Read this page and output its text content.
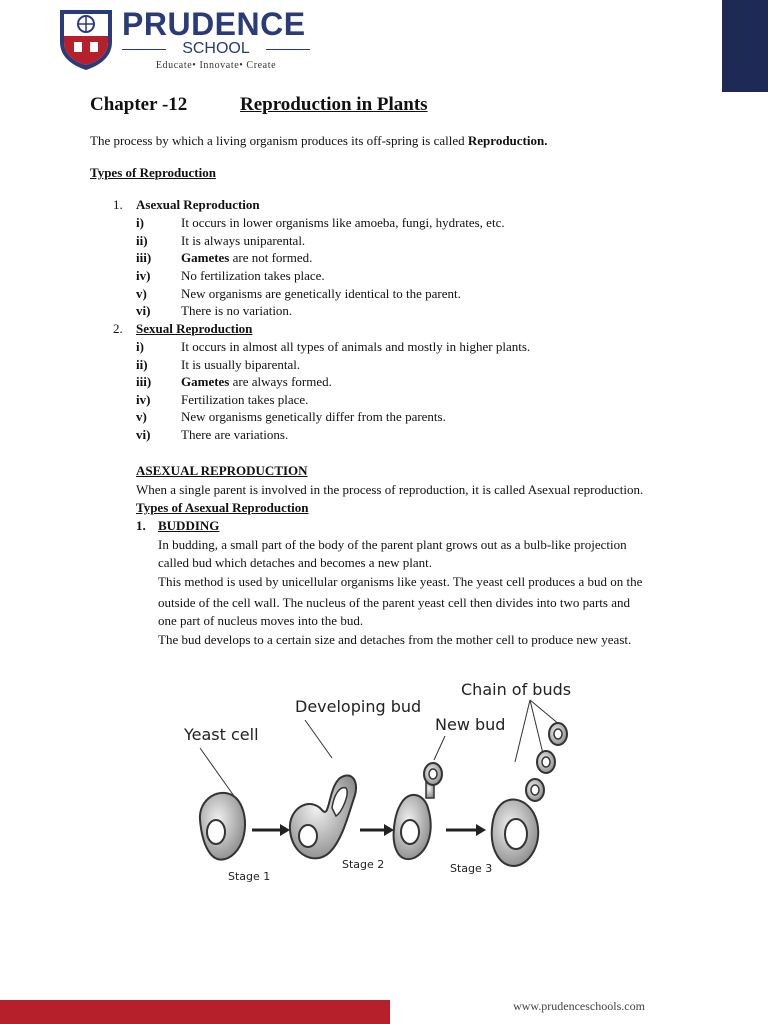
PRUDENCE
SCHOOL
Educate• Innovate• Create
Chapter -12	Reproduction in Plants
The process by which a living organism produces its off-spring is called Reproduction.
Types of Reproduction
1. Asexual Reproduction
i)	It occurs in lower organisms like amoeba, fungi, hydrates, etc.
ii)	It is always uniparental.
iii) Gametes are not formed.
iv) No fertilization takes place.
v)	New organisms are genetically identical to the parent.
vi) There is no variation.
2. Sexual Reproduction
i)	It occurs in almost all types of animals and mostly in higher plants.
ii)	It is usually biparental.
iii) Gametes are always formed.
iv) Fertilization takes place.
v)	New organisms genetically differ from the parents.
vi) There are variations.
ASEXUAL REPRODUCTION
When a single parent is involved in the process of reproduction, it is called Asexual reproduction.
Types of Asexual Reproduction
1. BUDDING
In budding, a small part of the body of the parent plant grows out as a bulb-like projection
called bud which detaches and becomes a new plant.
This method is used by unicellular organisms like yeast. The yeast cell produces a bud on the
outside of the cell wall. The nucleus of the parent yeast cell then divides into two parts and
one part of nucleus moves into the bud.
The bud develops to a certain size and detaches from the mother cell to produce new yeast.
Yeast cell
Developing bud
New bud
Chain of buds
Stage 1
Stage 2	Stage 3
www.prudenceschools.com
